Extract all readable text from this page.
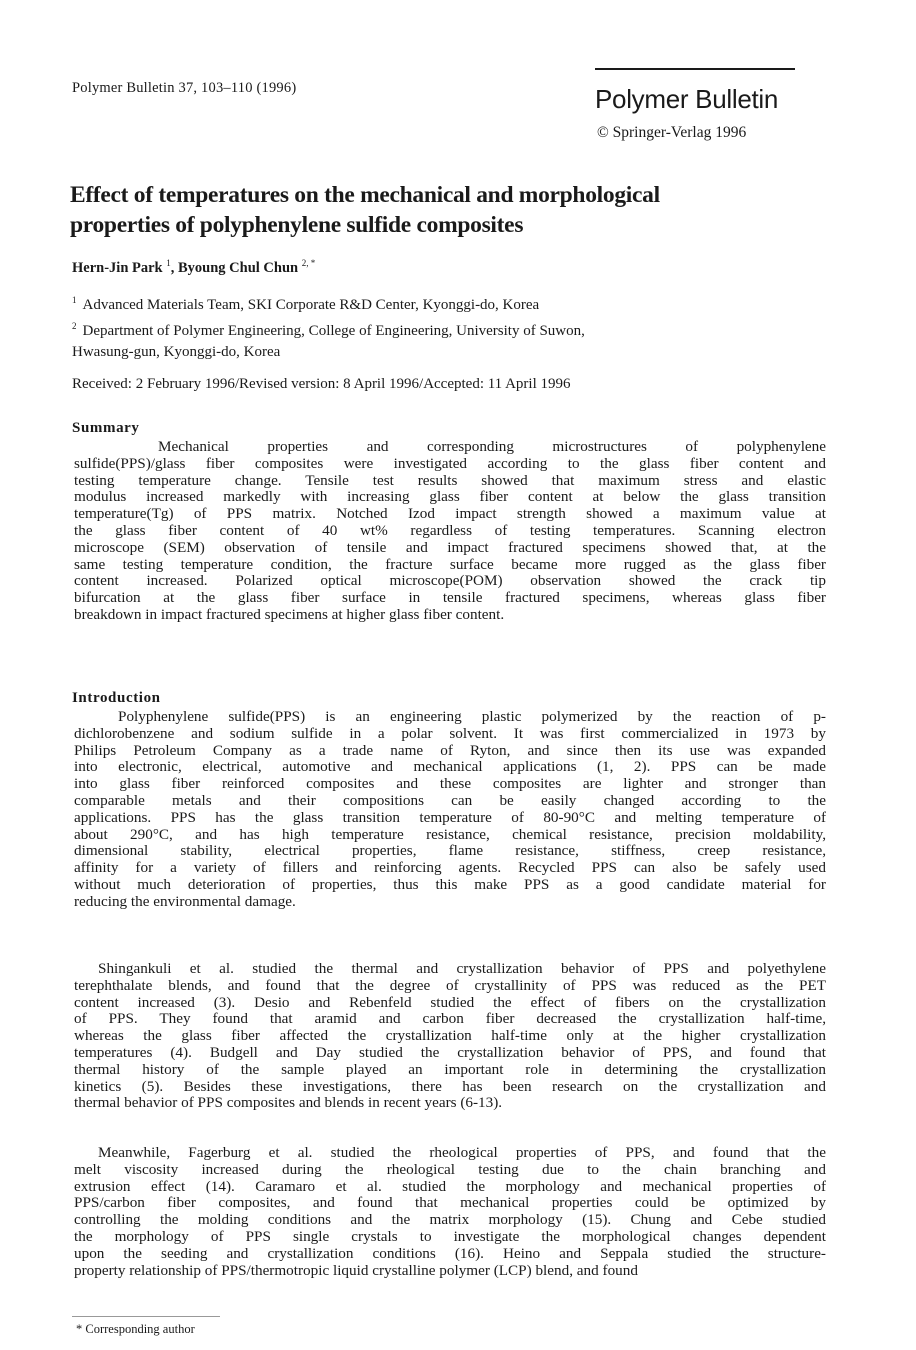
Polymer Bulletin 37, 103–110 (1996)	Polymer Bulletin
© Springer-Verlag 1996
Effect of temperatures on the mechanical and morphological
properties of polyphenylene sulfide composites
Hern-Jin Park $^1$, Byoung Chul Chun $^{2, *}$
$^1$ Advanced Materials Team, SKI Corporate R&D Center, Kyonggi-do, Korea
$^2$ Department of Polymer Engineering, College of Engineering, University of Suwon,
Hwasung-gun, Kyonggi-do, Korea
Received: 2 February 1996/Revised version: 8 April 1996/Accepted: 11 April 1996
Summary
Mechanical properties and corresponding microstructures of polyphenylene
sulfide(PPS)/glass fiber composites were investigated according to the glass fiber content and
testing temperature change. Tensile test results showed that maximum stress and elastic
modulus increased markedly with increasing glass fiber content at below the glass transition
temperature(Tg) of PPS matrix. Notched Izod impact strength showed a maximum value at
the glass fiber content of 40 wt% regardless of testing temperatures. Scanning electron
microscope (SEM) observation of tensile and impact fractured specimens showed that, at the
same testing temperature condition, the fracture surface became more rugged as the glass fiber
content increased. Polarized optical microscope(POM) observation showed the crack tip
bifurcation at the glass fiber surface in tensile fractured specimens, whereas glass fiber
breakdown in impact fractured specimens at higher glass fiber content.
Introduction
Polyphenylene sulfide(PPS) is an engineering plastic polymerized by the reaction of p-
dichlorobenzene and sodium sulfide in a polar solvent. It was first commercialized in 1973 by
Philips Petroleum Company as a trade name of Ryton, and since then its use was expanded
into electronic, electrical, automotive and mechanical applications (1, 2). PPS can be made
into glass fiber reinforced composites and these composites are lighter and stronger than
comparable metals and their compositions can be easily changed according to the
applications. PPS has the glass transition temperature of 80-90°C and melting temperature of
about 290°C, and has high temperature resistance, chemical resistance, precision moldability,
dimensional stability, electrical properties, flame resistance, stiffness, creep resistance,
affinity for a variety of fillers and reinforcing agents. Recycled PPS can also be safely used
without much deterioration of properties, thus this make PPS as a good candidate material for
reducing the environmental damage.
Shingankuli et al. studied the thermal and crystallization behavior of PPS and polyethylene
terephthalate blends, and found that the degree of crystallinity of PPS was reduced as the PET
content increased (3). Desio and Rebenfeld studied the effect of fibers on the crystallization
of PPS. They found that aramid and carbon fiber decreased the crystallization half-time,
whereas the glass fiber affected the crystallization half-time only at the higher crystallization
temperatures (4). Budgell and Day studied the crystallization behavior of PPS, and found that
thermal history of the sample played an important role in determining the crystallization
kinetics (5). Besides these investigations, there has been research on the crystallization and
thermal behavior of PPS composites and blends in recent years (6-13).
Meanwhile, Fagerburg et al. studied the rheological properties of PPS, and found that the
melt viscosity increased during the rheological testing due to the chain branching and
extrusion effect (14). Caramaro et al. studied the morphology and mechanical properties of
PPS/carbon fiber composites, and found that mechanical properties could be optimized by
controlling the molding conditions and the matrix morphology (15). Chung and Cebe studied
the morphology of PPS single crystals to investigate the morphological changes dependent
upon the seeding and crystallization conditions (16). Heino and Seppala studied the structure-
property relationship of PPS/thermotropic liquid crystalline polymer (LCP) blend, and found
* Corresponding author
